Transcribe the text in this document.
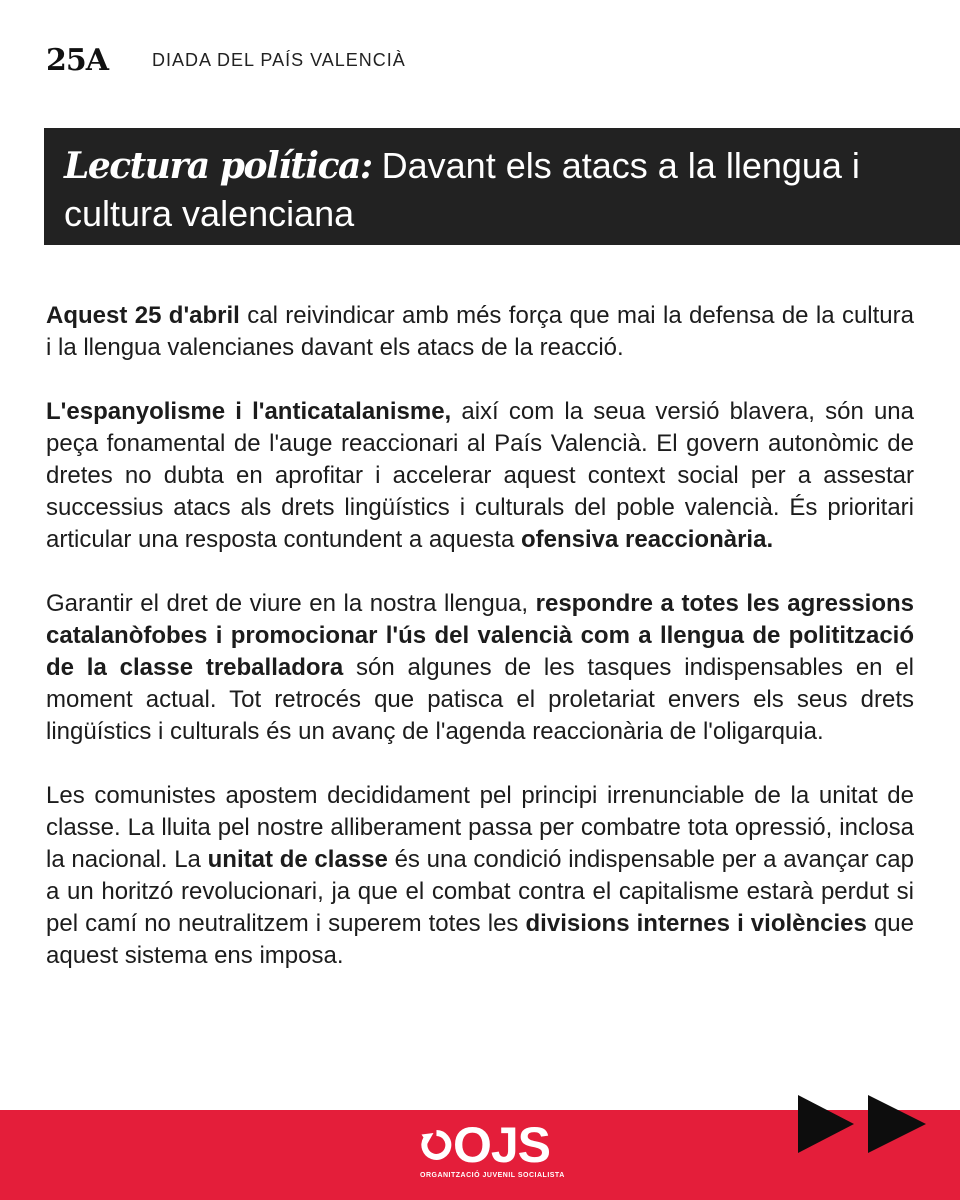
25A DIADA DEL PAÍS VALENCIÀ
Lectura política: Davant els atacs a la llengua i cultura valenciana

Aquest 25 d'abril cal reivindicar amb més força que mai la defensa de la cultura i la llengua valencianes davant els atacs de la reacció.

L'espanyolisme i l'anticatalanisme, així com la seua versió blavera, són una peça fonamental de l'auge reaccionari al País Valencià. El govern autonòmic de dretes no dubta en aprofitar i accelerar aquest context social per a assestar successius atacs als drets lingüístics i culturals del poble valencià. És prioritari articular una resposta contundent a aquesta ofensiva reaccionària.

Garantir el dret de viure en la nostra llengua, respondre a totes les agressions catalanòfobes i promocionar l'ús del valencià com a llengua de politització de la classe treballadora són algunes de les tasques indispensables en el moment actual. Tot retrocés que patisca el proletariat envers els seus drets lingüístics i culturals és un avanç de l'agenda reaccionària de l'oligarquia.

Les comunistes apostem decididament pel principi irrenunciable de la unitat de classe. La lluita pel nostre alliberament passa per combatre tota opressió, inclosa la nacional. La unitat de classe és una condició indispensable per a avançar cap a un horitzó revolucionari, ja que el combat contra el capitalisme estarà perdut si pel camí no neutralitzem i superem totes les divisions internes i violències que aquest sistema ens imposa.

OJS
ORGANITZACIÓ JUVENIL SOCIALISTA
